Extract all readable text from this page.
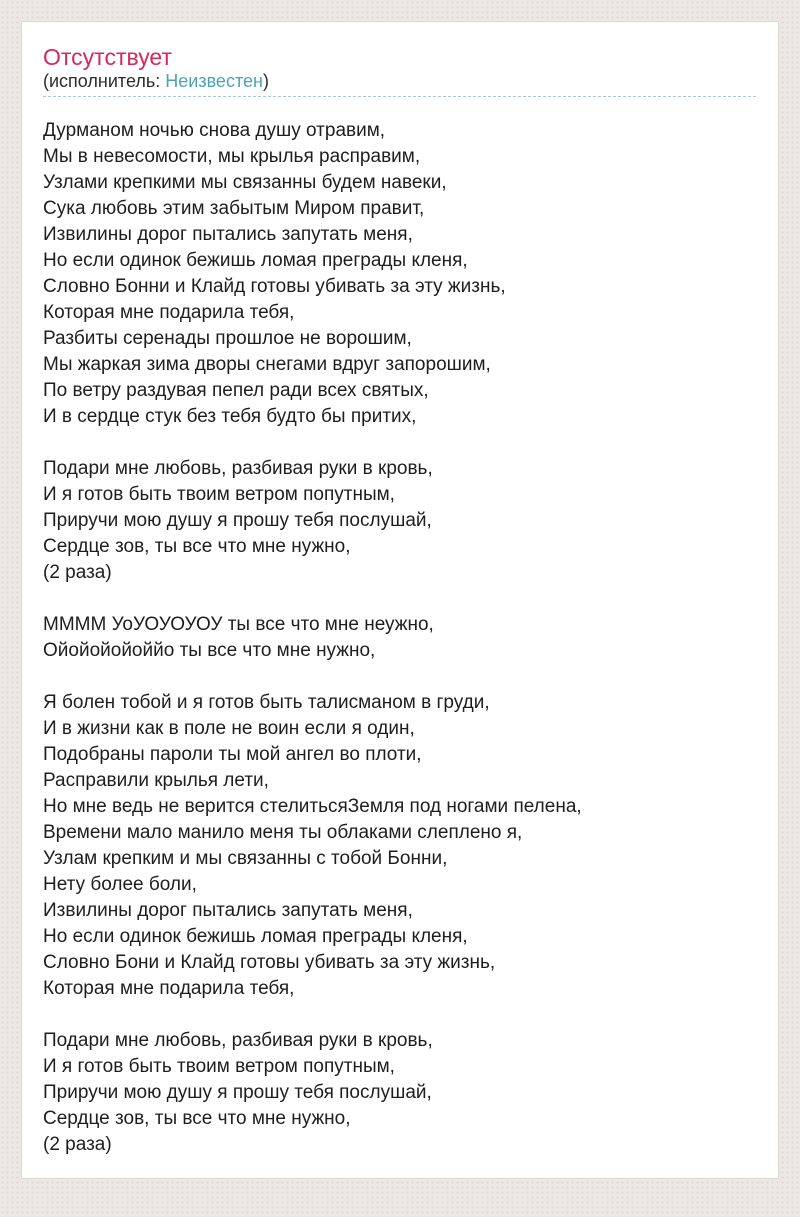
Отсутствует
(исполнитель: Неизвестен)
Дурманом ночью снова душу отравим,
Мы в невесомости, мы крылья расправим,
Узлами крепкими мы связанны будем навеки,
Сука любовь этим забытым Миром правит,
Извилины дорог пытались запутать меня,
Но если одинок бежишь ломая преграды кленя,
Словно Бонни и Клайд готовы убивать за эту жизнь,
Которая мне подарила тебя,
Разбиты серенады прошлое не ворошим,
Мы жаркая зима дворы снегами вдруг запорошим,
По ветру раздувая пепел ради всех святых,
И в сердце стук без тебя будто бы притих,
Подари мне любовь, разбивая руки в кровь,
И я готов быть твоим ветром попутным,
Приручи мою душу я прошу тебя послушай,
Сердце зов, ты все что мне нужно,
(2 раза)
ММММ УоУОУОУОУ ты все что мне неужно,
Ойойойойоййо ты все что мне нужно,
Я болен тобой и я готов быть талисманом в груди,
И в жизни как в поле не воин если я один,
Подобраны пароли ты мой ангел во плоти,
Расправили крылья лети,
Но мне ведь не верится стелитьсяЗемля под ногами пелена,
Времени мало манило меня ты облаками слеплено я,
Узлам крепким и мы связанны с тобой Бонни,
Нету более боли,
Извилины дорог пытались запутать меня,
Но если одинок бежишь ломая преграды кленя,
Словно Бони и Клайд готовы убивать за эту жизнь,
Которая мне подарила тебя,
Подари мне любовь, разбивая руки в кровь,
И я готов быть твоим ветром попутным,
Приручи мою душу я прошу тебя послушай,
Сердце зов, ты все что мне нужно,
(2 раза)
